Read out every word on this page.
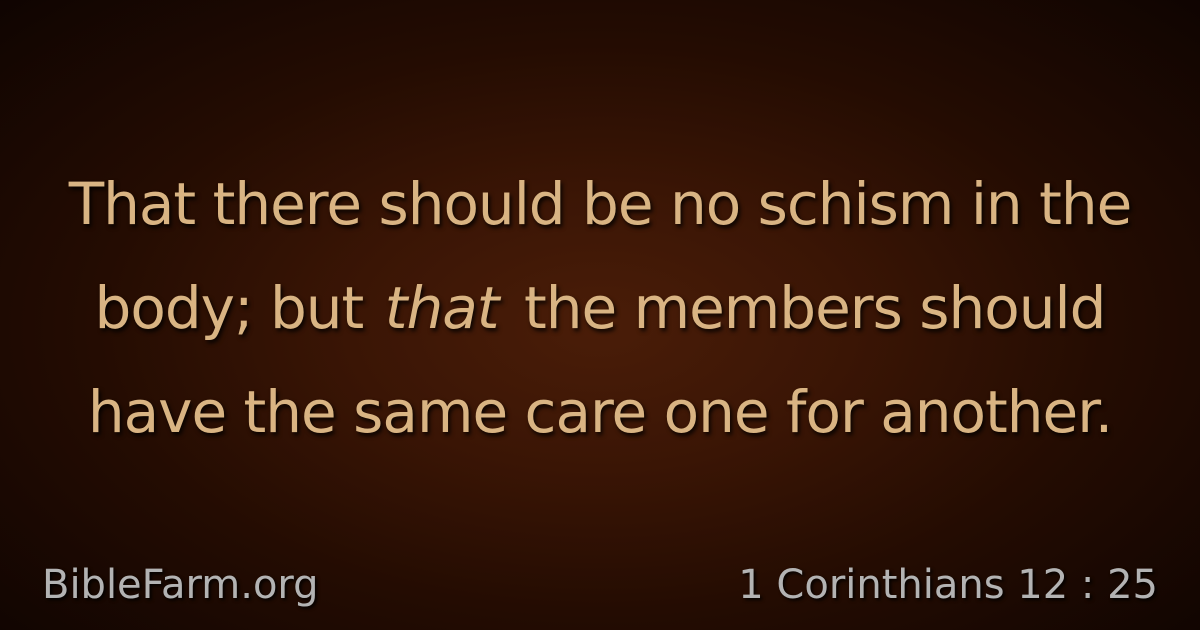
That there should be no schism in the
body; but that the members should
have the same care one for another.
BibleFarm.org	1 Corinthians 12 : 25
